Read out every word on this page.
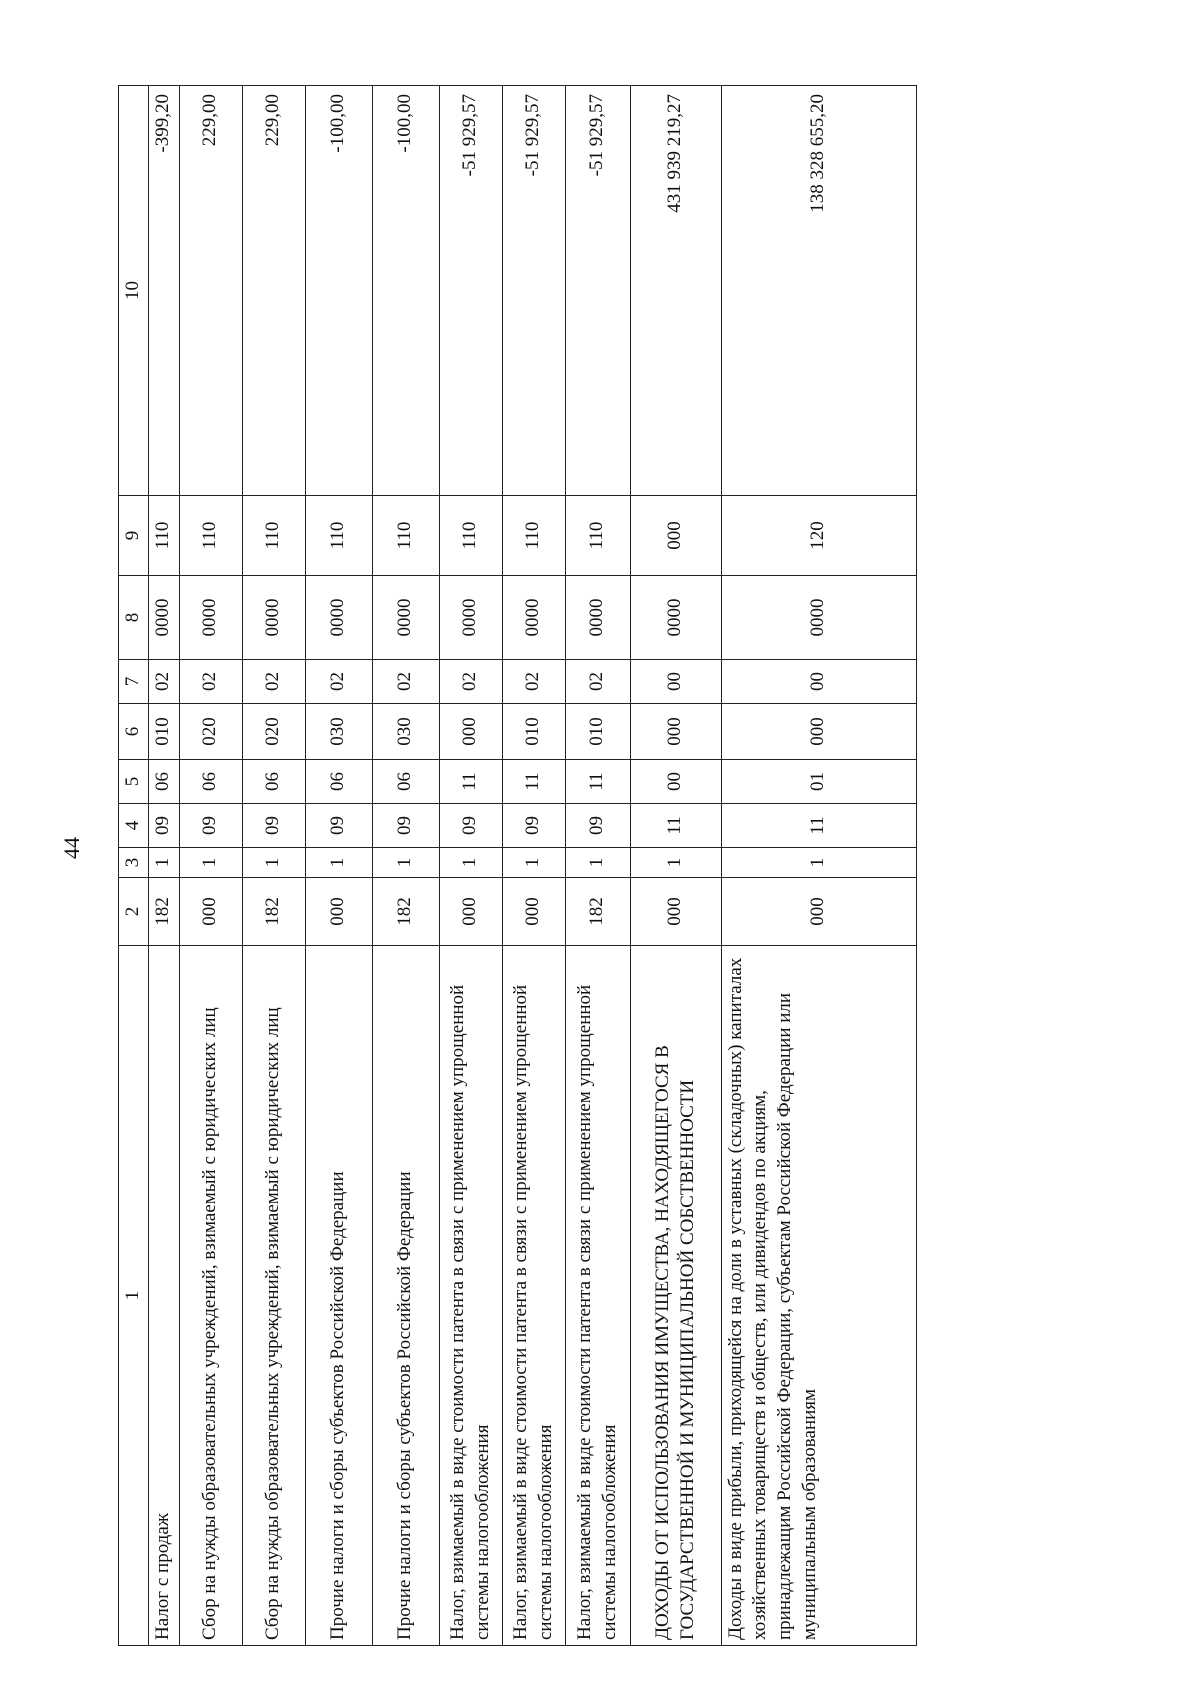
44
1	2	3	4	5	6	7	8	9	10
Налог с продаж	182	1	09	06	010	02	0000	110	-399,20
Сбор на нужды образовательных учреждений, взимаемый с юридических лиц	000	1	09	06	020	02	0000	110	229,00
Сбор на нужды образовательных учреждений, взимаемый с юридических лиц	182	1	09	06	020	02	0000	110	229,00
Прочие налоги и сборы субъектов Российской Федерации	000	1	09	06	030	02	0000	110	-100,00
Прочие налоги и сборы субъектов Российской Федерации	182	1	09	06	030	02	0000	110	-100,00
Налог, взимаемый в виде стоимости патента в связи с применением упрощенной системы налогообложения	000	1	09	11	000	02	0000	110	-51 929,57
Налог, взимаемый в виде стоимости патента в связи с применением упрощенной системы налогообложения	000	1	09	11	010	02	0000	110	-51 929,57
Налог, взимаемый в виде стоимости патента в связи с применением упрощенной системы налогообложения	182	1	09	11	010	02	0000	110	-51 929,57
ДОХОДЫ ОТ ИСПОЛЬЗОВАНИЯ ИМУЩЕСТВА, НАХОДЯЩЕГОСЯ В ГОСУДАРСТВЕННОЙ И МУНИЦИПАЛЬНОЙ СОБСТВЕННОСТИ	000	1	11	00	000	00	0000	000	431 939 219,27
Доходы в виде прибыли, приходящейся на доли в уставных (складочных) капиталах хозяйственных товариществ и обществ, или дивидендов по акциям, принадлежащим Российской Федерации, субъектам Российской Федерации или муниципальным образованиям	000	1	11	01	000	00	0000	120	138 328 655,20
